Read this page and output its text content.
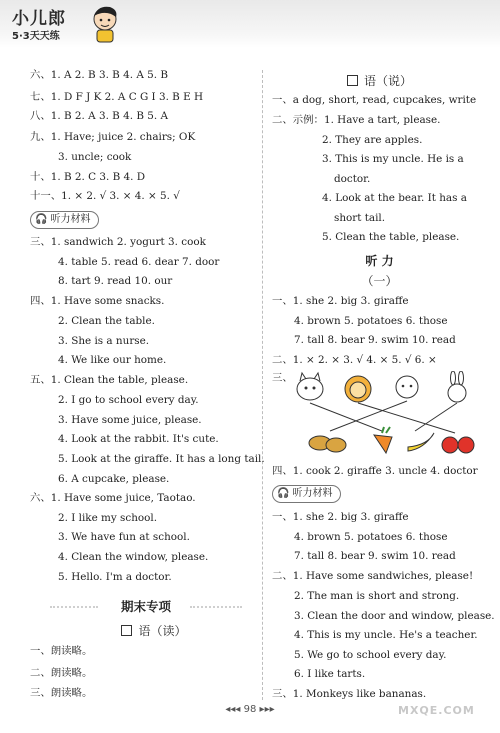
小儿郎
5·3天天练
六、1. A 2. B 3. B 4. A 5. B
七、1. D F J K 2. A C G I 3. B E H
八、1. B 2. A 3. B 4. B 5. A
九、1. Have; juice 2. chairs; OK
3. uncle; cook
十、1. B 2. C 3. B 4. D
十一、1. × 2. √ 3. × 4. × 5. √
🎧 听力材料
三、1. sandwich 2. yogurt 3. cook
4. table 5. read 6. dear 7. door
8. tart 9. read 10. our
四、1. Have some snacks.
2. Clean the table.
3. She is a nurse.
4. We like our home.
五、1. Clean the table, please.
2. I go to school every day.
3. Have some juice, please.
4. Look at the rabbit. It's cute.
5. Look at the giraffe. It has a long tail.
6. A cupcake, please.
六、1. Have some juice, Taotao.
2. I like my school.
3. We have fun at school.
4. Clean the window, please.
5. Hello. I'm a doctor.
期末专项
语（读）
一、朗读略。
二、朗读略。
三、朗读略。
语（说）
一、a dog, short, read, cupcakes, write
二、示例：1. Have a tart, please.
2. They are apples.
3. This is my uncle. He is a
doctor.
4. Look at the bear. It has a
short tail.
5. Clean the table, please.
听 力
（一）
一、1. she 2. big 3. giraffe
4. brown 5. potatoes 6. those
7. tall 8. bear 9. swim 10. read
二、1. × 2. × 3. √ 4. × 5. √ 6. ×
三、
四、1. cook 2. giraffe 3. uncle 4. doctor
🎧 听力材料
一、1. she 2. big 3. giraffe
4. brown 5. potatoes 6. those
7. tall 8. bear 9. swim 10. read
二、1. Have some sandwiches, please!
2. The man is short and strong.
3. Clean the door and window, please.
4. This is my uncle. He's a teacher.
5. We go to school every day.
6. I like tarts.
三、1. Monkeys like bananas.
MXQE.COM
◂◂◂ 98 ▸▸▸
